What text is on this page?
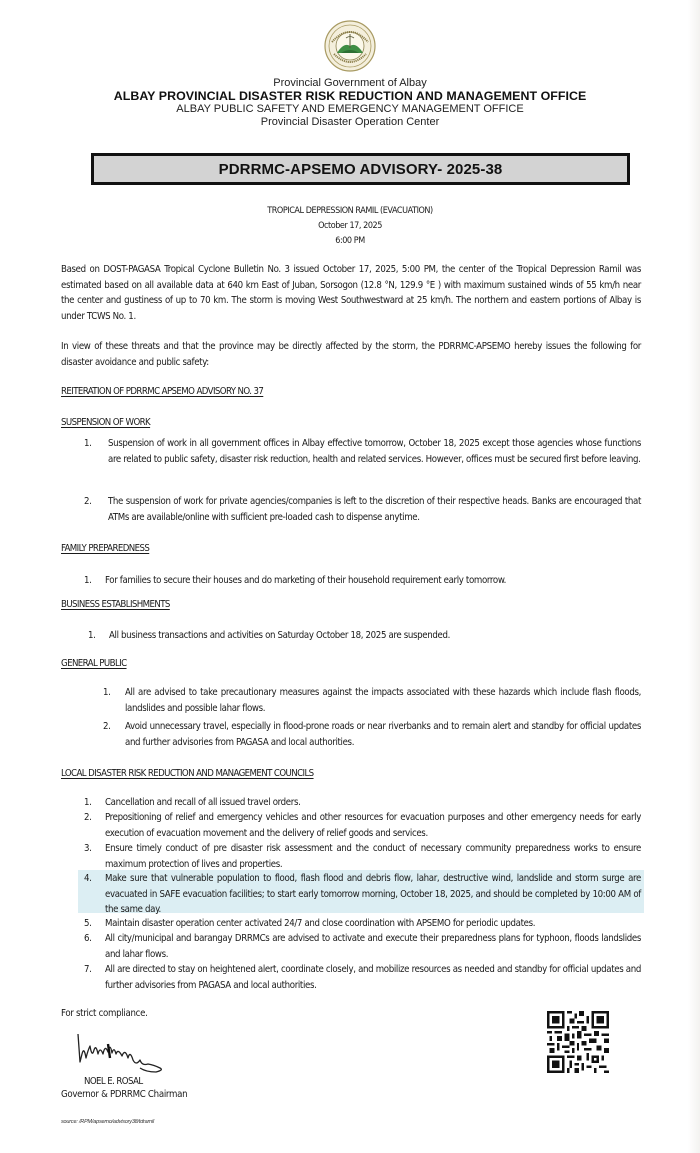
Provincial Government of Albay
ALBAY PROVINCIAL DISASTER RISK REDUCTION AND MANAGEMENT OFFICE
ALBAY PUBLIC SAFETY AND EMERGENCY MANAGEMENT OFFICE
Provincial Disaster Operation Center
PDRRMC-APSEMO ADVISORY- 2025-38
TROPICAL DEPRESSION RAMIL (EVACUATION)
October 17, 2025
6:00 PM
Based on DOST-PAGASA Tropical Cyclone Bulletin No. 3 issued October 17, 2025, 5:00 PM, the center of the Tropical Depression Ramil was estimated based on all available data at 640 km East of Juban, Sorsogon (12.8 °N, 129.9 °E ) with maximum sustained winds of 55 km/h near the center and gustiness of up to 70 km. The storm is moving West Southwestward at 25 km/h. The northern and eastern portions of Albay is under TCWS No. 1.
In view of these threats and that the province may be directly affected by the storm, the PDRRMC-APSEMO hereby issues the following for disaster avoidance and public safety:
REITERATION OF PDRRMC APSEMO ADVISORY NO. 37
SUSPENSION OF WORK
1.	Suspension of work in all government offices in Albay effective tomorrow, October 18, 2025 except those agencies whose functions are related to public safety, disaster risk reduction, health and related services. However, offices must be secured first before leaving.
2.	The suspension of work for private agencies/companies is left to the discretion of their respective heads. Banks are encouraged that ATMs are available/online with sufficient pre-loaded cash to dispense anytime.
FAMILY PREPAREDNESS
1.	For families to secure their houses and do marketing of their household requirement early tomorrow.
BUSINESS ESTABLISHMENTS
1.	All business transactions and activities on Saturday October 18, 2025 are suspended.
GENERAL PUBLIC
1.	All are advised to take precautionary measures against the impacts associated with these hazards which include flash floods, landslides and possible lahar flows.
2.	Avoid unnecessary travel, especially in flood-prone roads or near riverbanks and to remain alert and standby for official updates and further advisories from PAGASA and local authorities.
LOCAL DISASTER RISK REDUCTION AND MANAGEMENT COUNCILS
1.	Cancellation and recall of all issued travel orders.
2.	Prepositioning of relief and emergency vehicles and other resources for evacuation purposes and other emergency needs for early execution of evacuation movement and the delivery of relief goods and services.
3.	Ensure timely conduct of pre disaster risk assessment and the conduct of necessary community preparedness works to ensure maximum protection of lives and properties.
4.	Make sure that vulnerable population to flood, flash flood and debris flow, lahar, destructive wind, landslide and storm surge are evacuated in SAFE evacuation facilities; to start early tomorrow morning, October 18, 2025, and should be completed by 10:00 AM of the same day.
5.	Maintain disaster operation center activated 24/7 and close coordination with APSEMO for periodic updates.
6.	All city/municipal and barangay DRRMCs are advised to activate and execute their preparedness plans for typhoon, floods landslides and lahar flows.
7.	All are directed to stay on heightened alert, coordinate closely, and mobilize resources as needed and standby for official updates and further advisories from PAGASA and local authorities.
For strict compliance.
NOEL E. ROSAL
Governor & PDRRMC Chairman
source: /RPM/apsemo/advisory38/tdramil
